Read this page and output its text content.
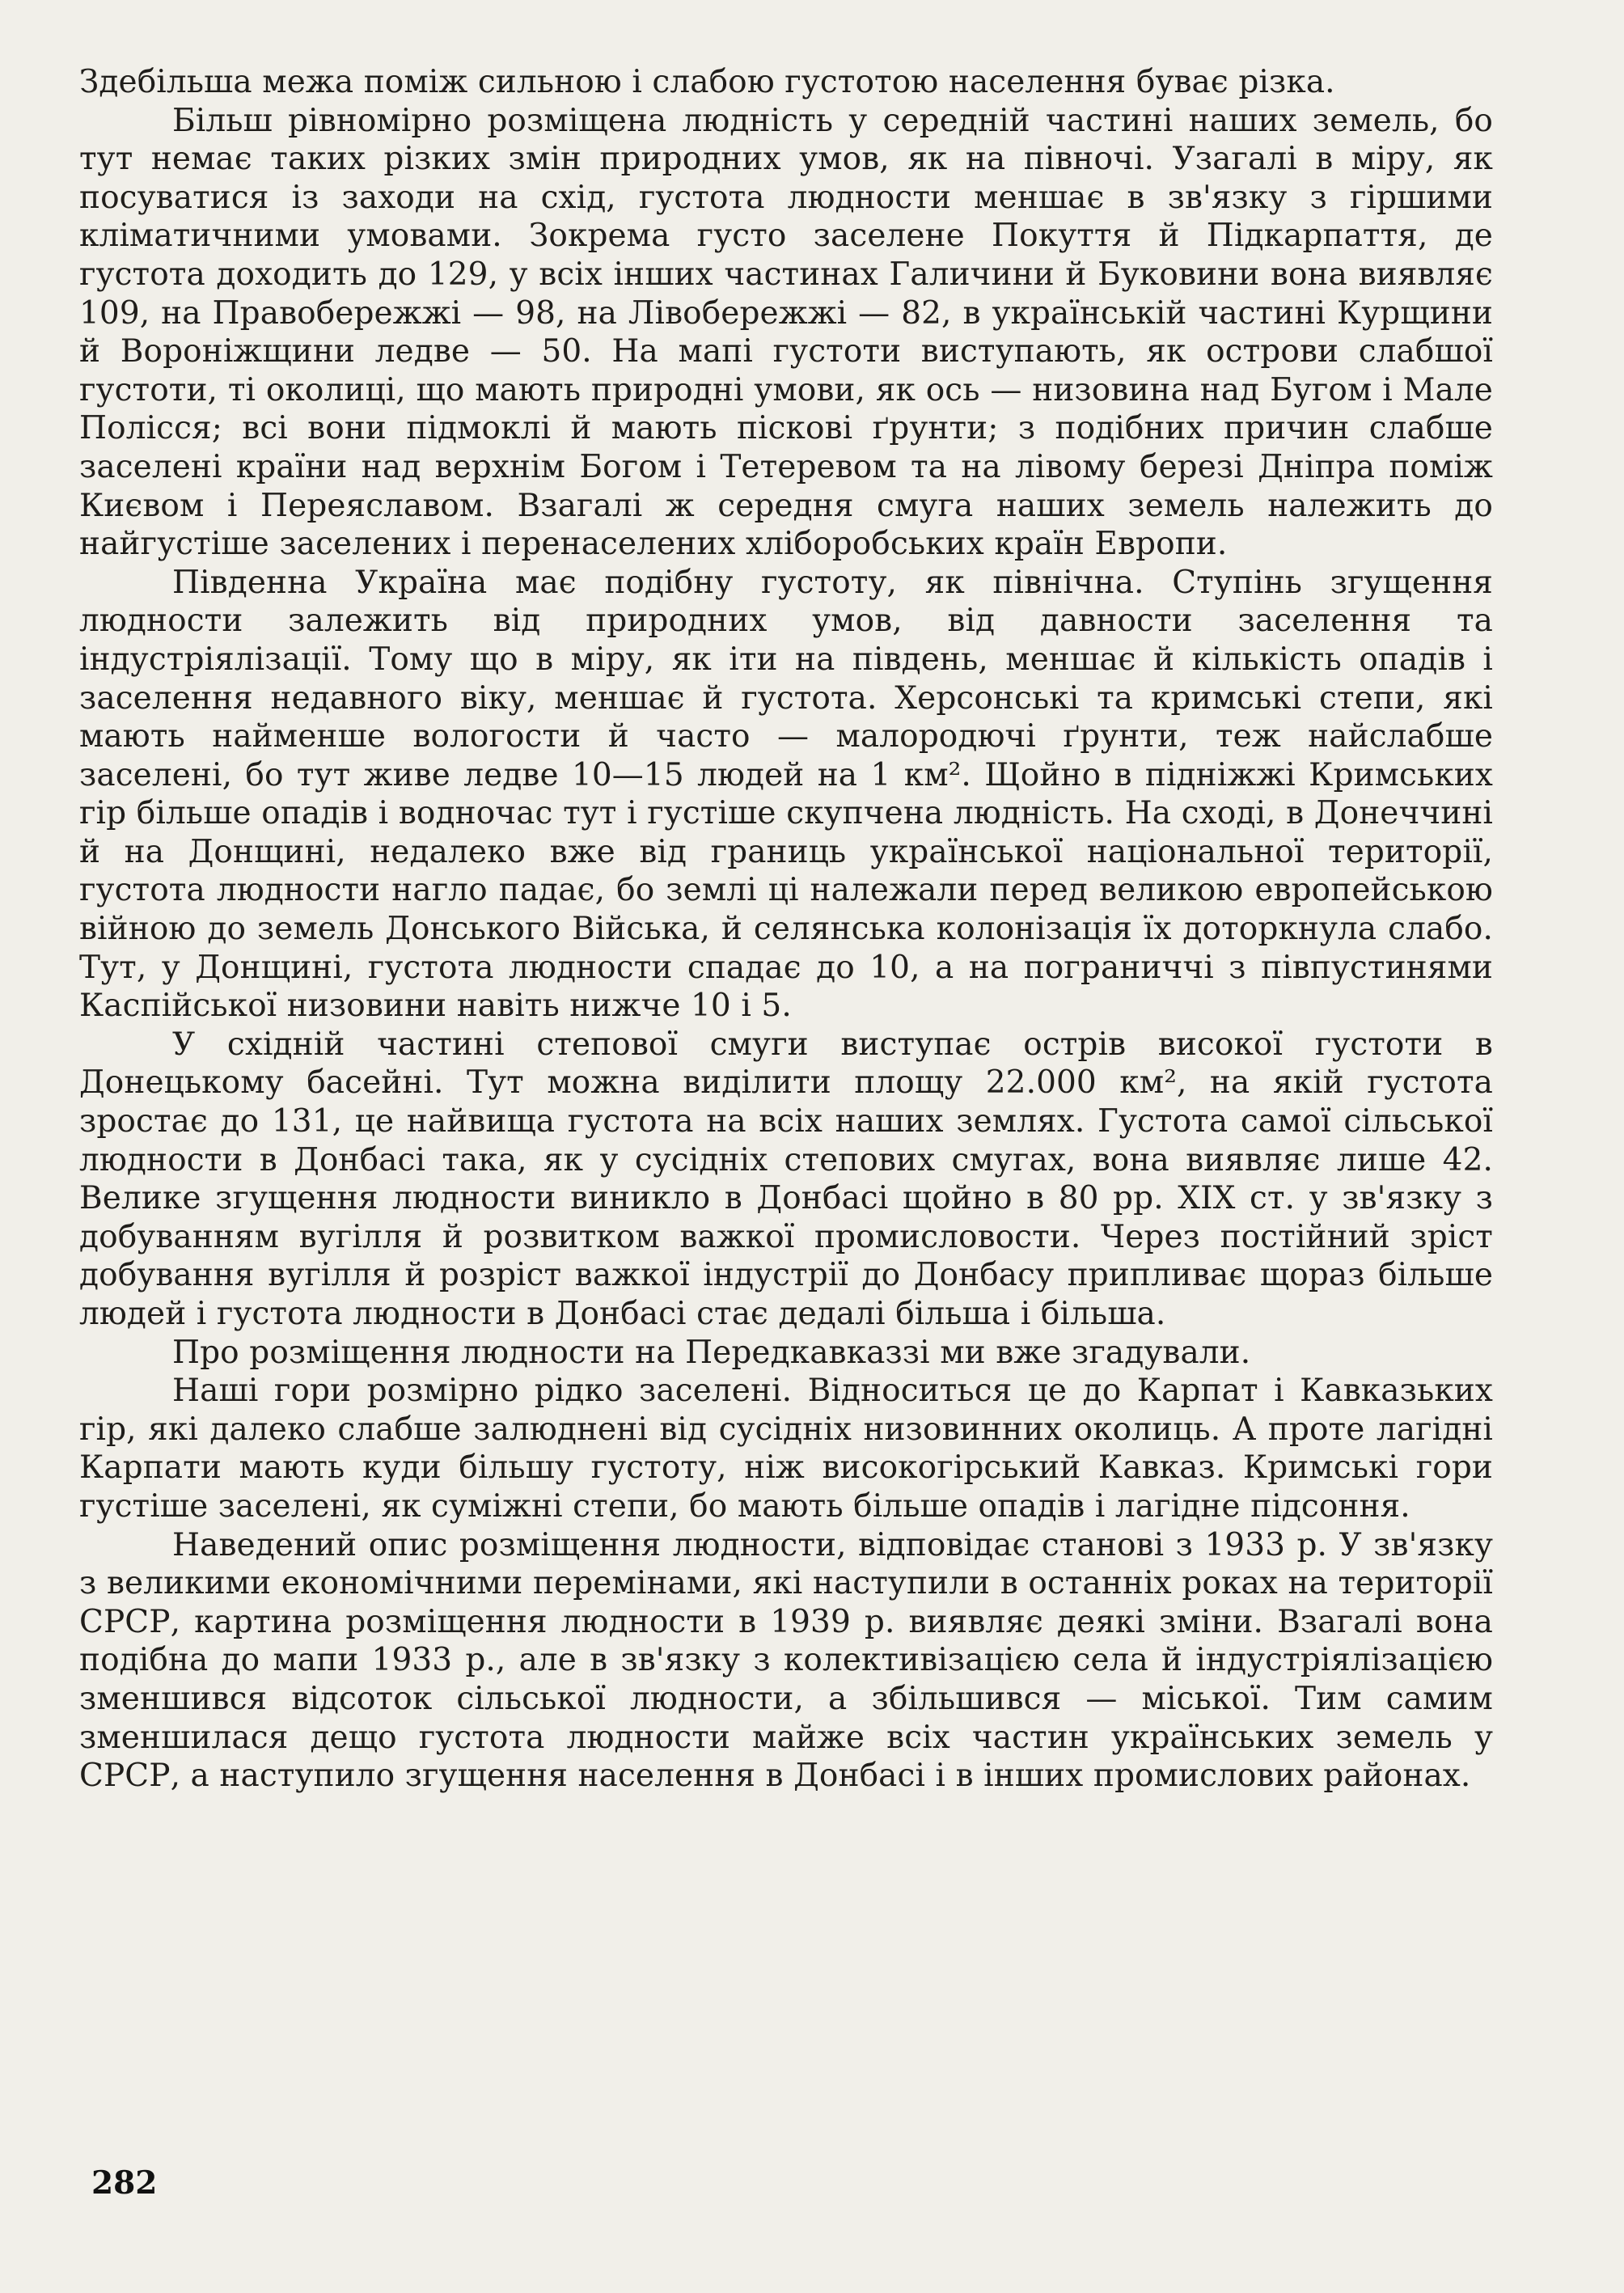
Здебільша межа поміж сильною і слабою густотою населення буває різка.

Більш рівномірно розміщена людність у середній частині наших земель, бо тут немає таких різких змін природних умов, як на півночі. Узагалі в міру, як посуватися із заходи на схід, густота людности меншає в зв'язку з гіршими кліматичними умовами. Зокрема густо заселене Покуття й Підкарпаття, де густота доходить до 129, у всіх інших частинах Галичини й Буковини вона виявляє 109, на Правобережжі — 98, на Лівобережжі — 82, в українській частині Курщини й Вороніжщини ледве — 50. На мапі густоти виступають, як острови слабшої густоти, ті околиці, що мають природні умови, як ось — низовина над Бугом і Мале Полісся; всі вони підмоклі й мають піскові ґрунти; з подібних причин слабше заселені країни над верхнім Богом і Тетеревом та на лівому березі Дніпра поміж Києвом і Переяславом. Взагалі ж середня смуга наших земель належить до найгустіше заселених і перенаселених хліборобських країн Европи.

Південна Україна має подібну густоту, як північна. Ступінь згущення людности залежить від природних умов, від давности заселення та індустріялізації. Тому що в міру, як іти на південь, меншає й кількість опадів і заселення недавного віку, меншає й густота. Херсонські та кримські степи, які мають найменше вологости й часто — малородючі ґрунти, теж найслабше заселені, бо тут живе ледве 10—15 людей на 1 км². Щойно в підніжжі Кримських гір більше опадів і водночас тут і густіше скупчена людність. На сході, в Донеччині й на Донщині, недалеко вже від границь української національної території, густота людности нагло падає, бо землі ці належали перед великою европейською війною до земель Донського Війська, й селянська колонізація їх доторкнула слабо. Тут, у Донщині, густота людности спадає до 10, а на пограниччі з півпустинями Каспійської низовини навіть нижче 10 і 5.

У східній частині степової смуги виступає острів високої густоти в Донецькому басейні. Тут можна виділити площу 22.000 км², на якій густота зростає до 131, це найвища густота на всіх наших землях. Густота самої сільської людности в Донбасі така, як у сусідніх степових смугах, вона виявляє лише 42. Велике згущення людности виникло в Донбасі щойно в 80 рр. XIX ст. у зв'язку з добуванням вугілля й розвитком важкої промисловости. Через постійний зріст добування вугілля й розріст важкої індустрії до Донбасу припливає щораз більше людей і густота людности в Донбасі стає дедалі більша і більша.

Про розміщення людности на Передкавказзі ми вже згадували.

Наші гори розмірно рідко заселені. Відноситься це до Карпат і Кавказьких гір, які далеко слабше залюднені від сусідніх низовинних околиць. А проте лагідні Карпати мають куди більшу густоту, ніж високогірський Кавказ. Кримські гори густіше заселені, як суміжні степи, бо мають більше опадів і лагідне підсоння.

Наведений опис розміщення людности, відповідає станові з 1933 р. У зв'язку з великими економічними перемінами, які наступили в останніх роках на території СРСР, картина розміщення людности в 1939 р. виявляє деякі зміни. Взагалі вона подібна до мапи 1933 р., але в зв'язку з колективізацією села й індустріялізацією зменшився відсоток сільської людности, а збільшився — міської. Тим самим зменшилася дещо густота людности майже всіх частин українських земель у СРСР, а наступило згущення населення в Донбасі і в інших промислових районах.

282
